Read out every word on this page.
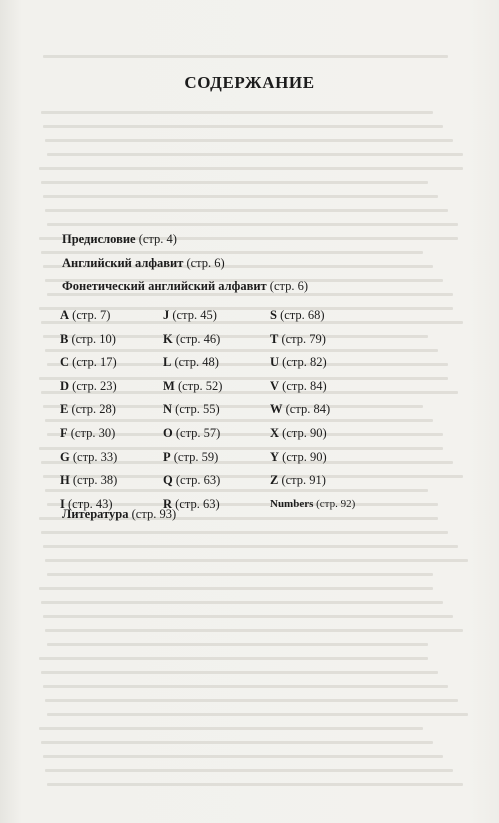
СОДЕРЖАНИЕ
Предисловие (стр. 4)
Английский алфавит (стр. 6)
Фонетический английский алфавит (стр. 6)
A (стр. 7)
B (стр. 10)
C (стр. 17)
D (стр. 23)
E (стр. 28)
F (стр. 30)
G (стр. 33)
H (стр. 38)
I (стр. 43)
J (стр. 45)
K (стр. 46)
L (стр. 48)
M (стр. 52)
N (стр. 55)
O (стр. 57)
P (стр. 59)
Q (стр. 63)
R (стр. 63)
S (стр. 68)
T (стр. 79)
U (стр. 82)
V (стр. 84)
W (стр. 84)
X (стр. 90)
Y (стр. 90)
Z (стр. 91)
Numbers (стр. 92)
Литература (стр. 93)
